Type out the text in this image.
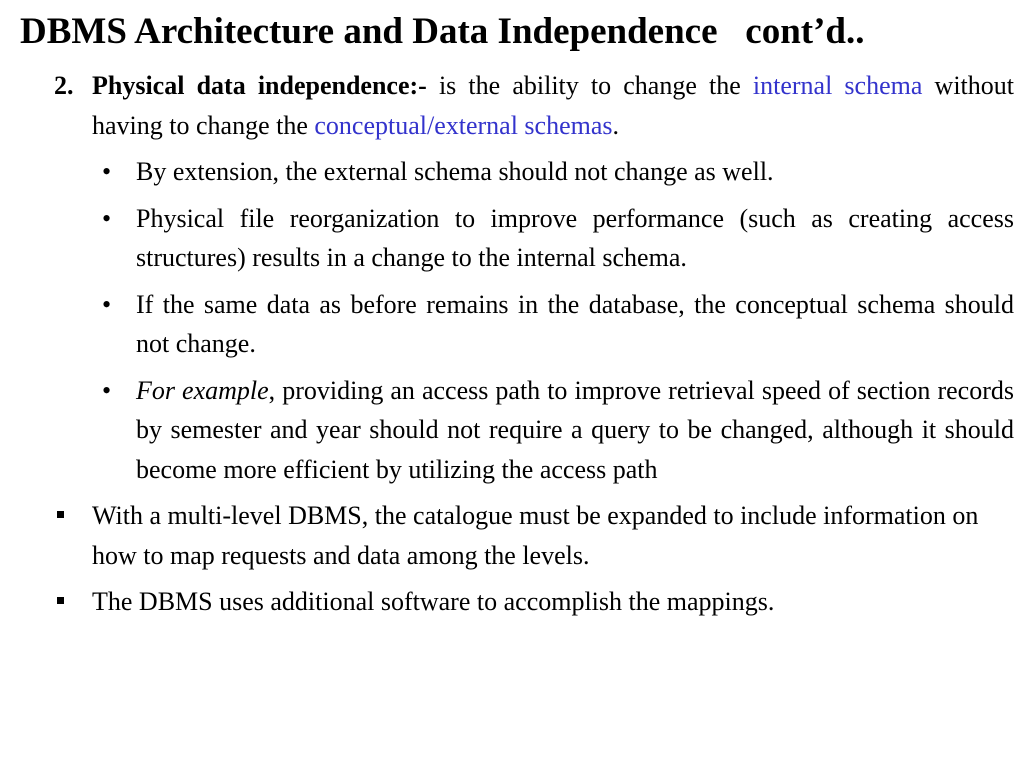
DBMS Architecture and Data Independence   cont’d..

2. Physical data independence:- is the ability to change the internal schema without having to change the conceptual/external schemas.

• By extension, the external schema should not change as well.
• Physical file reorganization to improve performance (such as creating access structures) results in a change to the internal schema.
• If the same data as before remains in the database, the conceptual schema should not change.
• For example, providing an access path to improve retrieval speed of section records by semester and year should not require a query to be changed, although it should become more efficient by utilizing the access path
With a multi-level DBMS, the catalogue must be expanded to include information on how to map requests and data among the levels.
The DBMS uses additional software to accomplish the mappings.
